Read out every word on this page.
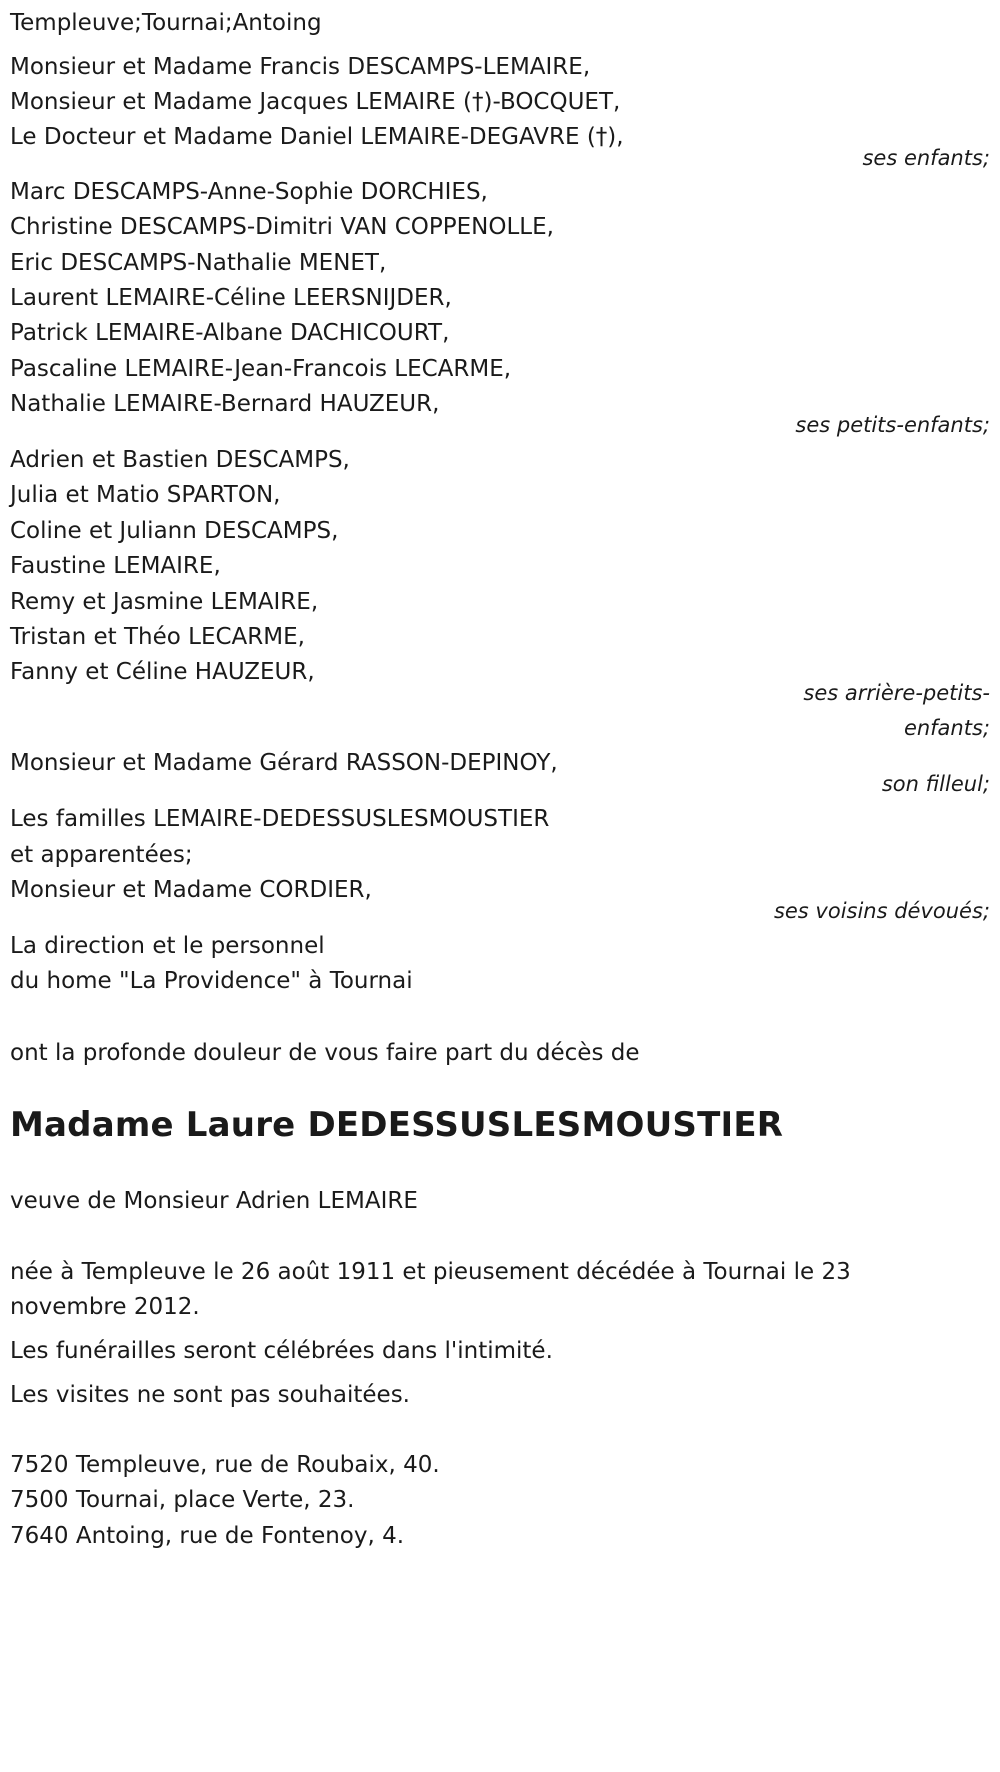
Templeuve;Tournai;Antoing
Monsieur et Madame Francis DESCAMPS-LEMAIRE,
Monsieur et Madame Jacques LEMAIRE (†)-BOCQUET,
Le Docteur et Madame Daniel LEMAIRE-DEGAVRE (†),
ses enfants;
Marc DESCAMPS-Anne-Sophie DORCHIES,
Christine DESCAMPS-Dimitri VAN COPPENOLLE,
Eric DESCAMPS-Nathalie MENET,
Laurent LEMAIRE-Céline LEERSNIJDER,
Patrick LEMAIRE-Albane DACHICOURT,
Pascaline LEMAIRE-Jean-Francois LECARME,
Nathalie LEMAIRE-Bernard HAUZEUR,
ses petits-enfants;
Adrien et Bastien DESCAMPS,
Julia et Matio SPARTON,
Coline et Juliann DESCAMPS,
Faustine LEMAIRE,
Remy et Jasmine LEMAIRE,
Tristan et Théo LECARME,
Fanny et Céline HAUZEUR,
ses arrière-petits-
enfants;
Monsieur et Madame Gérard RASSON-DEPINOY,
son filleul;
Les familles LEMAIRE-DEDESSUSLESMOUSTIER
et apparentées;
Monsieur et Madame CORDIER,
ses voisins dévoués;
La direction et le personnel
du home "La Providence" à Tournai
ont la profonde douleur de vous faire part du décès de
Madame Laure DEDESSUSLESMOUSTIER
veuve de Monsieur Adrien LEMAIRE
née à Templeuve le 26 août 1911 et pieusement décédée à Tournai le 23
novembre 2012.
Les funérailles seront célébrées dans l'intimité.
Les visites ne sont pas souhaitées.
7520 Templeuve, rue de Roubaix, 40.
7500 Tournai, place Verte, 23.
7640 Antoing, rue de Fontenoy, 4.
